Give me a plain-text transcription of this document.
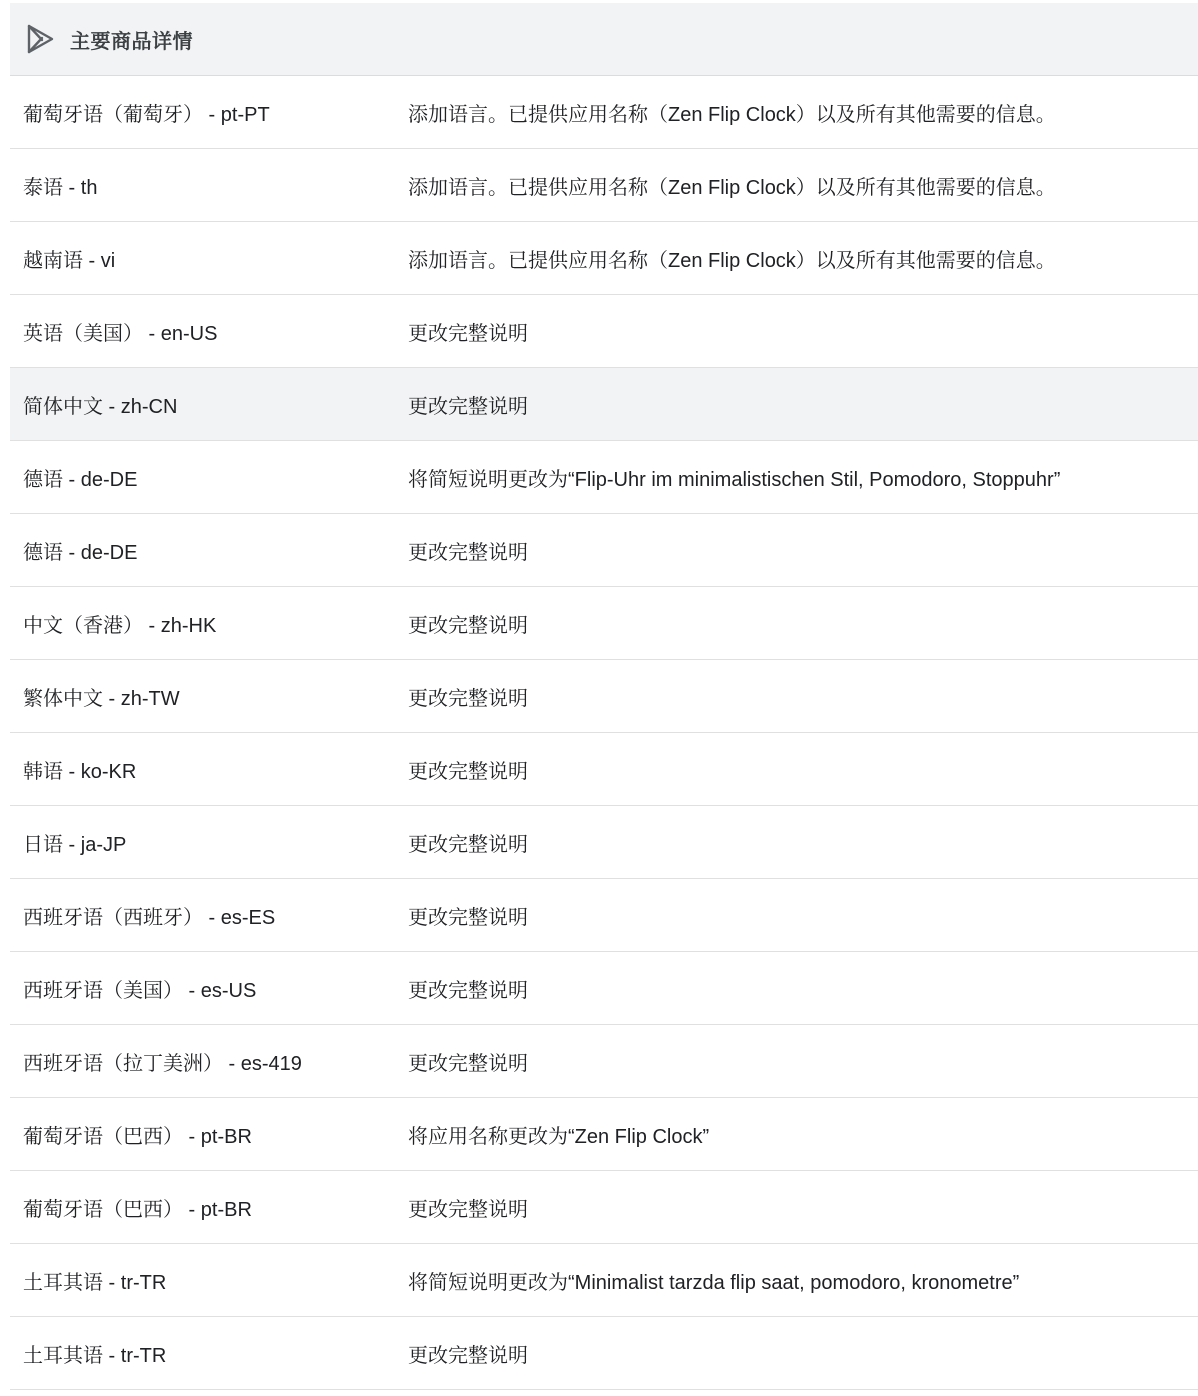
主要商品详情
葡萄牙语（葡萄牙） - pt-PT	添加语言。已提供应用名称（Zen Flip Clock）以及所有其他需要的信息。
泰语 - th	添加语言。已提供应用名称（Zen Flip Clock）以及所有其他需要的信息。
越南语 - vi	添加语言。已提供应用名称（Zen Flip Clock）以及所有其他需要的信息。
英语（美国） - en-US	更改完整说明
简体中文 - zh-CN	更改完整说明
德语 - de-DE	将简短说明更改为“Flip-Uhr im minimalistischen Stil, Pomodoro, Stoppuhr”
德语 - de-DE	更改完整说明
中文（香港） - zh-HK	更改完整说明
繁体中文 - zh-TW	更改完整说明
韩语 - ko-KR	更改完整说明
日语 - ja-JP	更改完整说明
西班牙语（西班牙） - es-ES	更改完整说明
西班牙语（美国） - es-US	更改完整说明
西班牙语（拉丁美洲） - es-419	更改完整说明
葡萄牙语（巴西） - pt-BR	将应用名称更改为“Zen Flip Clock”
葡萄牙语（巴西） - pt-BR	更改完整说明
土耳其语 - tr-TR	将简短说明更改为“Minimalist tarzda flip saat, pomodoro, kronometre”
土耳其语 - tr-TR	更改完整说明
